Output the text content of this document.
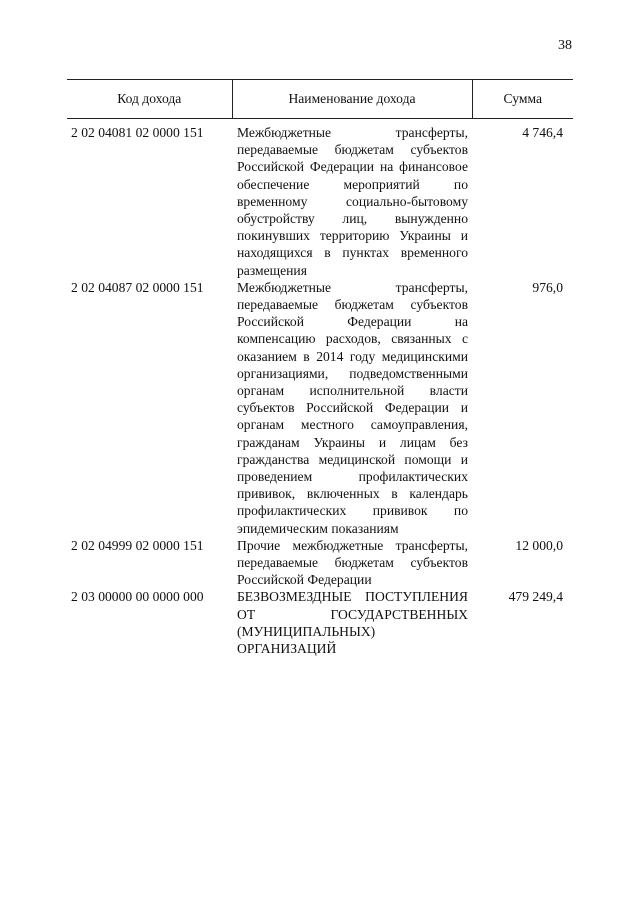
38
Код дохода	Наименование дохода	Сумма
2 02 04081 02 0000 151	Межбюджетные трансферты, передаваемые бюджетам субъектов Российской Федерации на финансовое обеспечение мероприятий по временному социально-бытовому обустройству лиц, вынужденно покинувших территорию Украины и находящихся в пунктах временного размещения	4 746,4
2 02 04087 02 0000 151	Межбюджетные трансферты, передаваемые бюджетам субъектов Российской Федерации на компенсацию расходов, связанных с оказанием в 2014 году медицинскими организациями, подведомственными органам исполнительной власти субъектов Российской Федерации и органам местного самоуправления, гражданам Украины и лицам без гражданства медицинской помощи и проведением профилактических прививок, включенных в календарь профилактических прививок по эпидемическим показаниям	976,0
2 02 04999 02 0000 151	Прочие межбюджетные трансферты, передаваемые бюджетам субъектов Российской Федерации	12 000,0
2 03 00000 00 0000 000	БЕЗВОЗМЕЗДНЫЕ ПОСТУПЛЕНИЯ ОТ ГОСУДАРСТВЕННЫХ (МУНИЦИПАЛЬНЫХ) ОРГАНИЗАЦИЙ	479 249,4
